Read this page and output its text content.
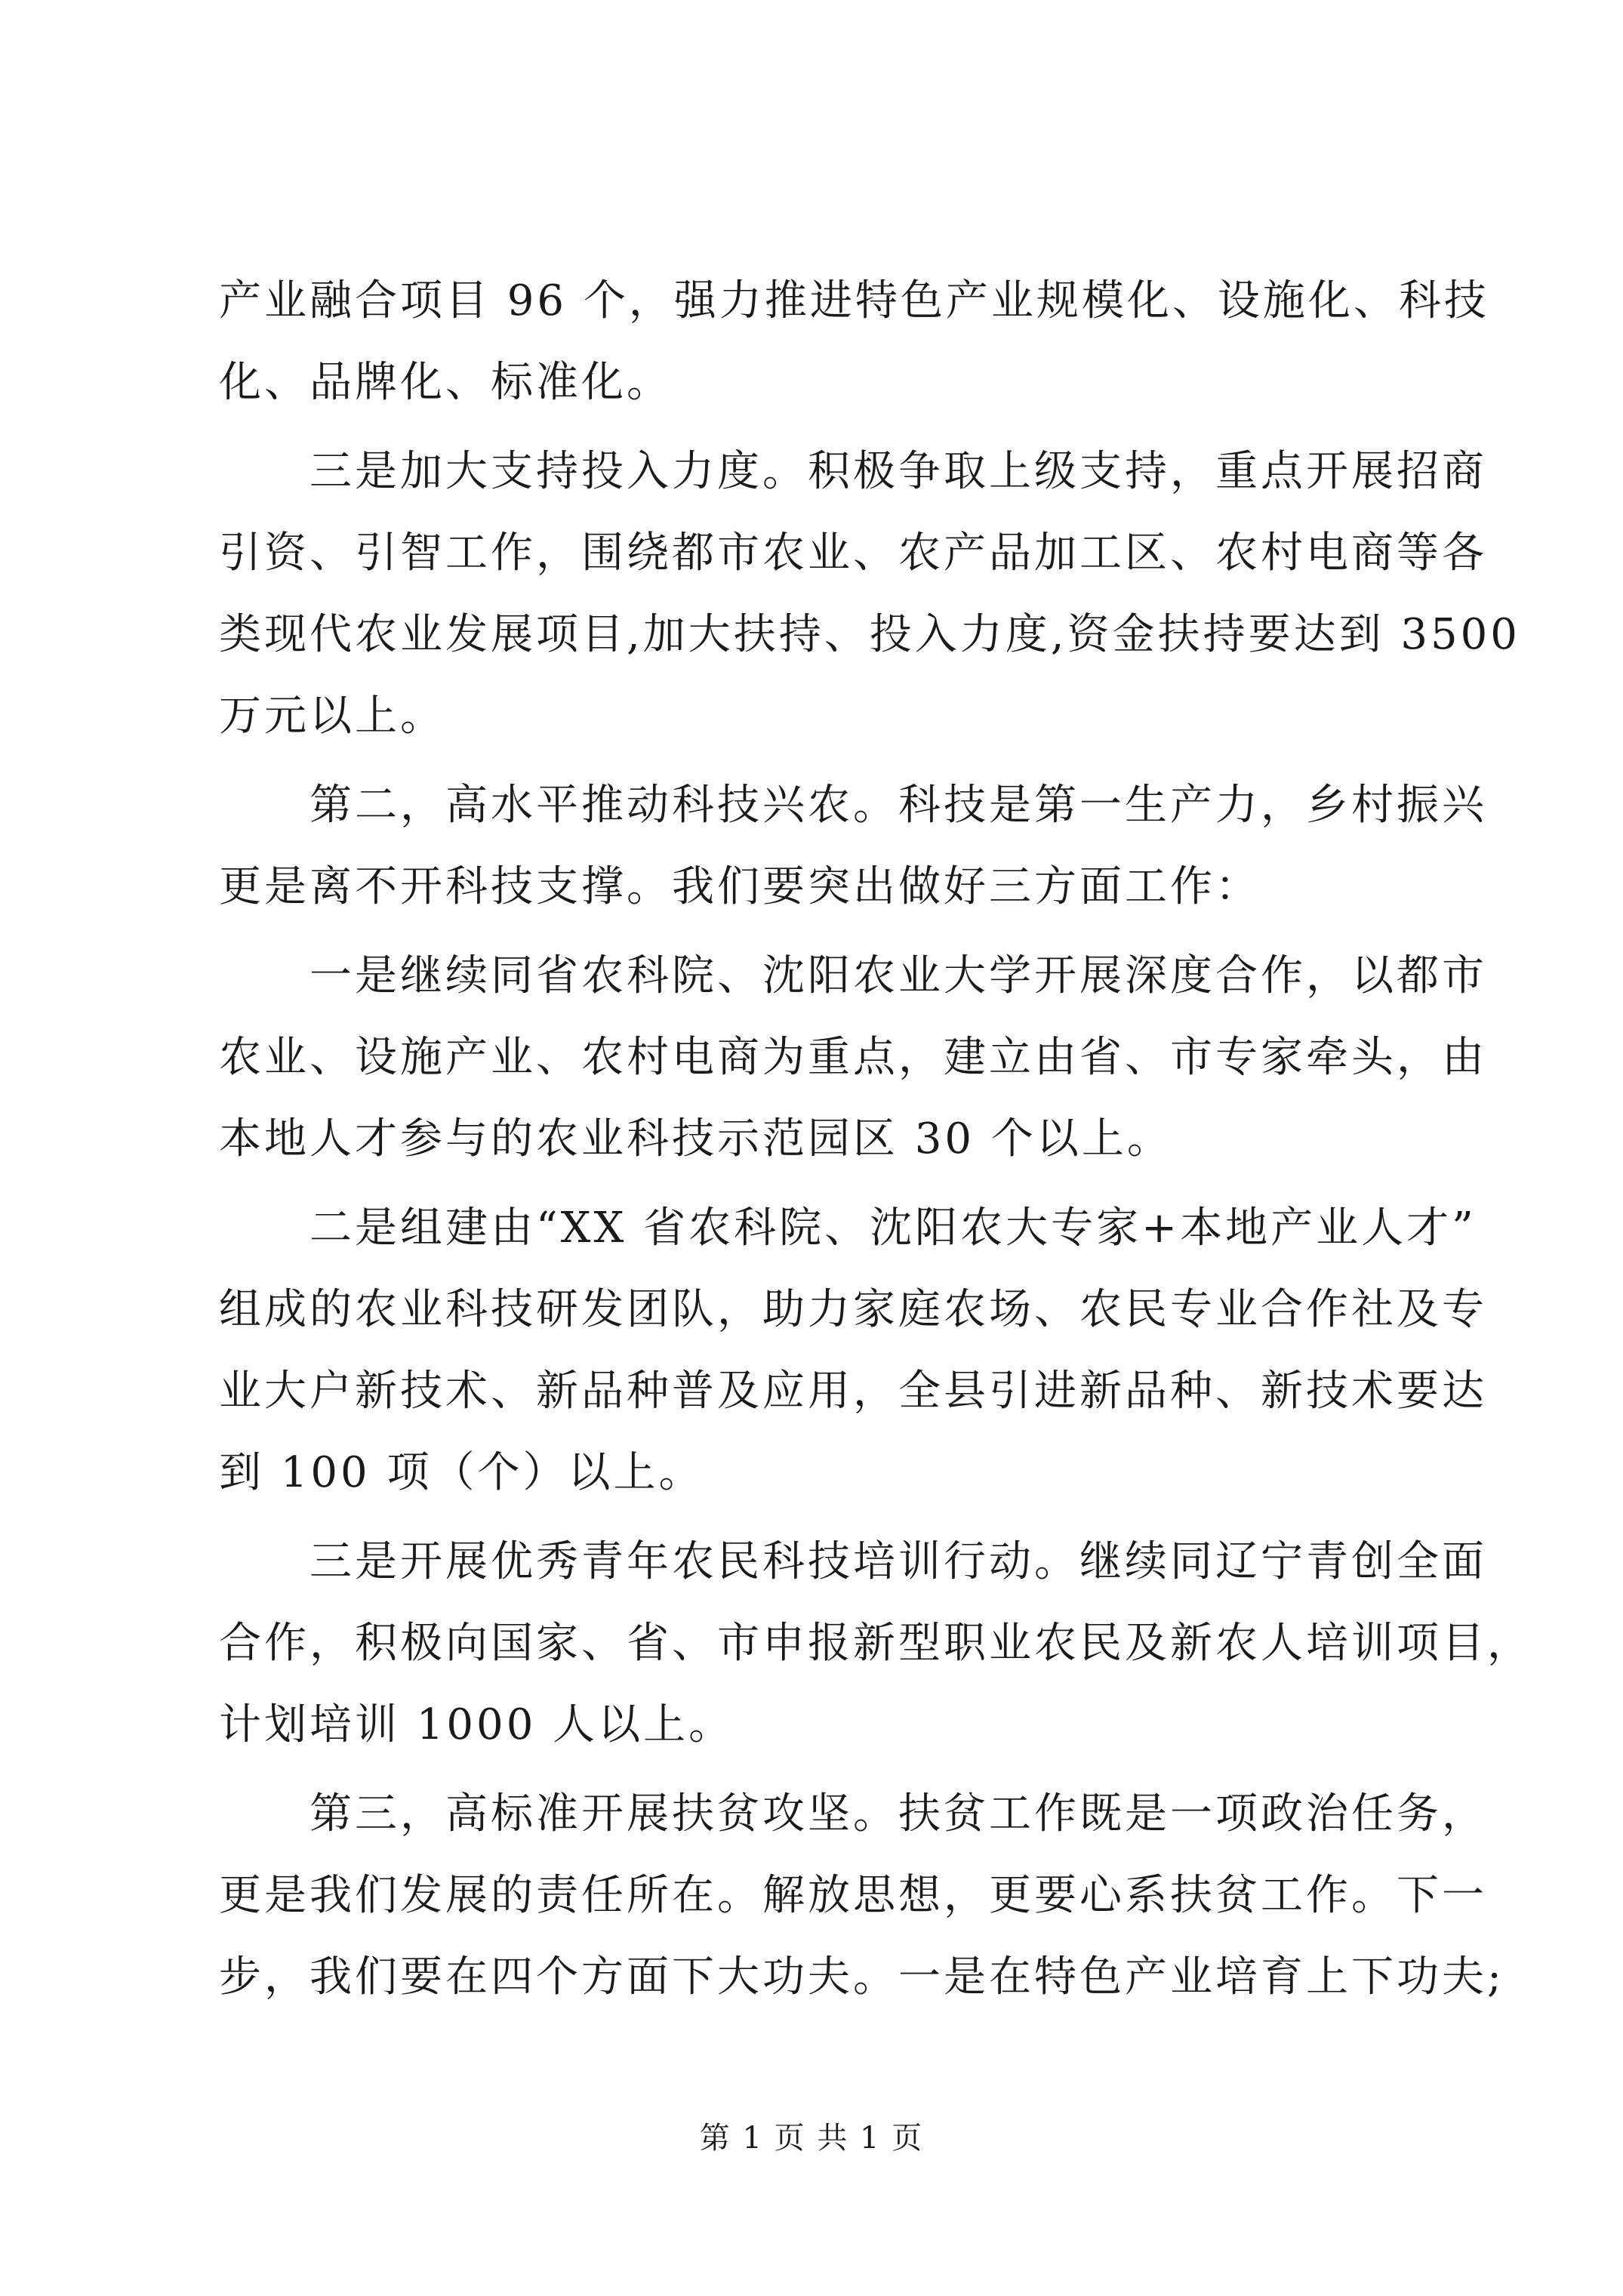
产业融合项目 96 个，强力推进特色产业规模化、设施化、科技
化、品牌化、标准化。
　　三是加大支持投入力度。积极争取上级支持，重点开展招商
引资、引智工作，围绕都市农业、农产品加工区、农村电商等各
类现代农业发展项目,加大扶持、投入力度,资金扶持要达到 3500
万元以上。
　　第二，高水平推动科技兴农。科技是第一生产力，乡村振兴
更是离不开科技支撑。我们要突出做好三方面工作：
　　一是继续同省农科院、沈阳农业大学开展深度合作，以都市
农业、设施产业、农村电商为重点，建立由省、市专家牵头，由
本地人才参与的农业科技示范园区 30 个以上。
　　二是组建由“XX 省农科院、沈阳农大专家+本地产业人才”
组成的农业科技研发团队，助力家庭农场、农民专业合作社及专
业大户新技术、新品种普及应用，全县引进新品种、新技术要达
到 100 项（个）以上。
　　三是开展优秀青年农民科技培训行动。继续同辽宁青创全面
合作，积极向国家、省、市申报新型职业农民及新农人培训项目，
计划培训 1000 人以上。
　　第三，高标准开展扶贫攻坚。扶贫工作既是一项政治任务，
更是我们发展的责任所在。解放思想，更要心系扶贫工作。下一
步，我们要在四个方面下大功夫。一是在特色产业培育上下功夫;
第 1 页 共 1 页
